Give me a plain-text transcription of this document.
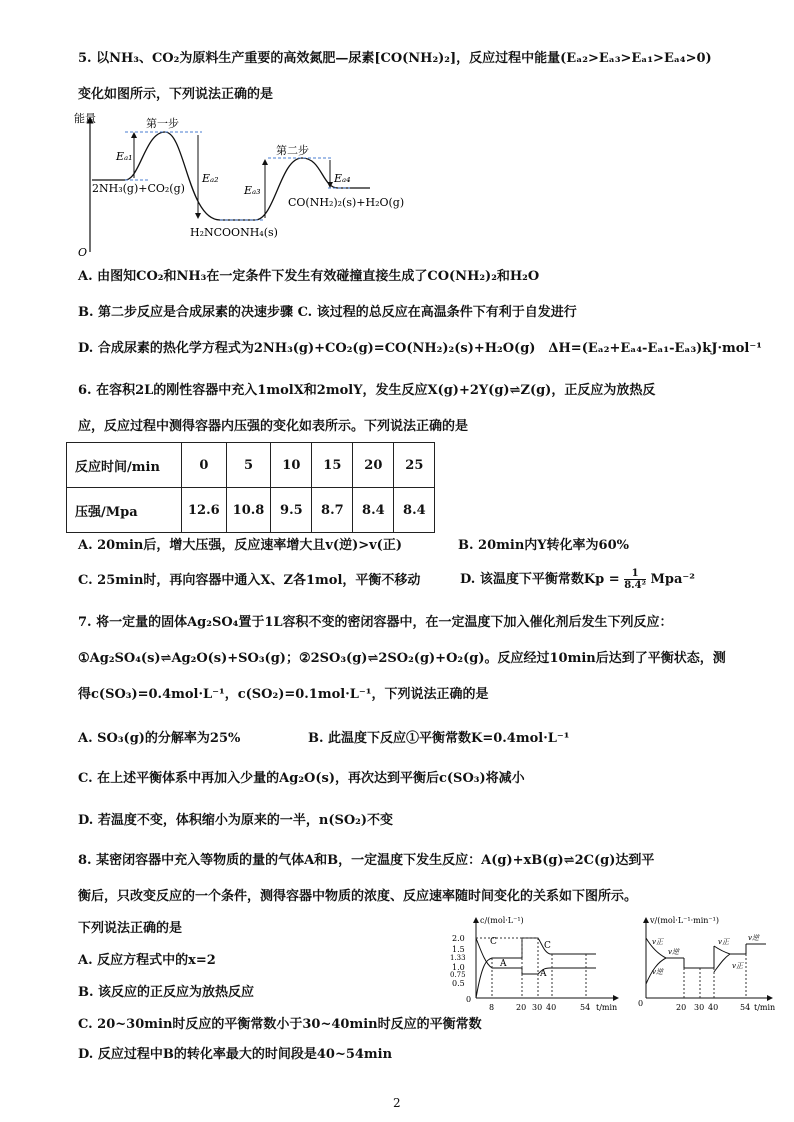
5. 以NH₃、CO₂为原料生产重要的高效氮肥—尿素[CO(NH₂)₂]，反应过程中能量(Eₐ₂>Eₐ₃>Eₐ₁>Eₐ₄>0)
变化如图所示，下列说法正确的是
能量
O
第一步
第二步
Eₐ₁
Eₐ₂
Eₐ₃
Eₐ₄
2NH₃(g)+CO₂(g)
H₂NCOONH₄(s)
CO(NH₂)₂(s)+H₂O(g)
A. 由图知CO₂和NH₃在一定条件下发生有效碰撞直接生成了CO(NH₂)₂和H₂O
B. 第二步反应是合成尿素的决速步骤 C. 该过程的总反应在高温条件下有利于自发进行
D. 合成尿素的热化学方程式为2NH₃(g)+CO₂(g)=CO(NH₂)₂(s)+H₂O(g)　ΔH=(Eₐ₂+Eₐ₄-Eₐ₁-Eₐ₃)kJ·mol⁻¹
6. 在容积2L的刚性容器中充入1molX和2molY，发生反应X(g)+2Y(g)⇌Z(g)，正反应为放热反
应，反应过程中测得容器内压强的变化如表所示。下列说法正确的是
反应时间/min	0	5	10	15	20	25
压强/Mpa	12.6	10.8	9.5	8.7	8.4	8.4
A. 20min后，增大压强，反应速率增大且v(逆)>v(正)	B. 20min内Y转化率为60%
C. 25min时，再向容器中通入X、Z各1mol，平衡不移动	D. 该温度下平衡常数$Kp = \frac{1}{\text{8.4²}} Mpa^{-2}$
7. 将一定量的固体Ag₂SO₄置于1L容积不变的密闭容器中，在一定温度下加入催化剂后发生下列反应：
①Ag₂SO₄(s)⇌Ag₂O(s)+SO₃(g)；②2SO₃(g)⇌2SO₂(g)+O₂(g)。反应经过10min后达到了平衡状态，测
得c(SO₃)=0.4mol·L⁻¹，c(SO₂)=0.1mol·L⁻¹，下列说法正确的是
A. SO₃(g)的分解率为25%	B. 此温度下反应①平衡常数K=0.4mol·L⁻¹
C. 在上述平衡体系中再加入少量的Ag₂O(s)，再次达到平衡后c(SO₃)将减小
D. 若温度不变，体积缩小为原来的一半，n(SO₂)不变
8. 某密闭容器中充入等物质的量的气体A和B，一定温度下发生反应：A(g)+xB(g)⇌2C(g)达到平
衡后，只改变反应的一个条件，测得容器中物质的浓度、反应速率随时间变化的关系如下图所示。
下列说法正确的是
A. 反应方程式中的x=2
B. 该反应的正反应为放热反应
C. 20~30min时反应的平衡常数小于30~40min时反应的平衡常数
D. 反应过程中B的转化率最大的时间段是40~54min
c/(mol·L⁻¹)
2.0
1.5
1.33
1.0
0.75
0.5
0
C
A
C
A
8	20 30 40	54 t/min
v/(mol·L⁻¹·min⁻¹)
0
v正
v逆
v逆
v正	v逆
v正
20 30 40	54 t/min
2
